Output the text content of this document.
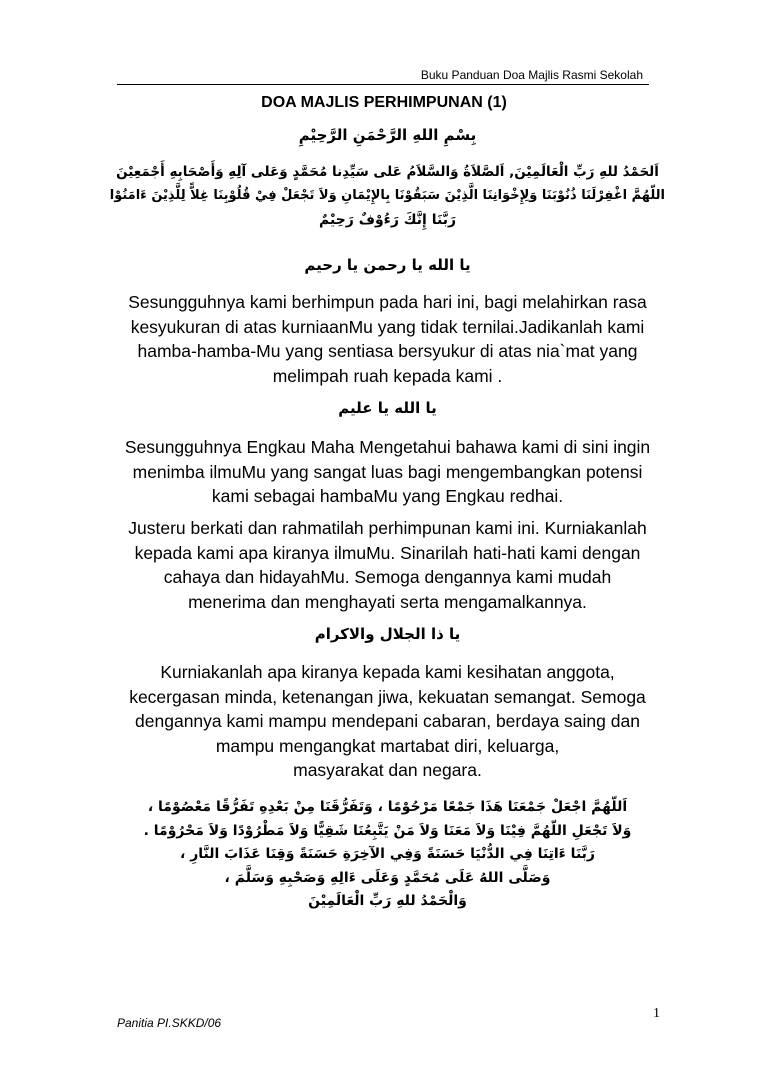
Buku Panduan Doa Majlis Rasmi Sekolah
DOA MAJLIS PERHIMPUNAN (1)
بِسْمِ اللهِ الرَّحْمَنِ الرَّحِيْمِ
اَلحَمْدُ للهِ رَبِّ الْعَالَمِيْنَ, اَلصَّلاَةُ وَالسَّلاَمُ عَلى سَيِّدِنا مُحَمَّدٍ وَعَلى آلِهِ وَأَصْحَابِهِ أَجْمَعِيْنَ
اللّهُمَّ اغْفِرْلَنَا ذُنُوْبَنَا وَلِإِخْوَانِنَا الَّذِيْنَ سَبَقُوْنَا بِالإِيْمَانِ وَلاَ تَجْعَلْ فِيْ قُلُوْبِنَا غِلاًّ لِلَّذِيْنَ ءَامَنُوْا
رَبَّنَا إِنَّكَ رَءُوْفٌ رَحِيْمٌ
يا الله يا رحمن يا رحيم
Sesungguhnya kami berhimpun pada hari ini, bagi melahirkan rasa
kesyukuran di atas kurniaanMu yang tidak ternilai.Jadikanlah kami
hamba-hamba-Mu yang sentiasa bersyukur di atas nia`mat yang
melimpah ruah kepada kami .
يا الله يا عليم
Sesungguhnya Engkau Maha Mengetahui bahawa kami di sini ingin
menimba ilmuMu yang sangat luas bagi mengembangkan potensi
kami sebagai hambaMu yang Engkau redhai.
Justeru berkati dan rahmatilah perhimpunan kami ini. Kurniakanlah
kepada kami apa kiranya ilmuMu. Sinarilah hati-hati kami dengan
cahaya dan hidayahMu. Semoga dengannya kami mudah
menerima dan menghayati serta mengamalkannya.
يا ذا الجلال والاكرام
Kurniakanlah apa kiranya kepada kami kesihatan anggota,
kecergasan minda, ketenangan jiwa, kekuatan semangat. Semoga
dengannya kami mampu mendepani cabaran, berdaya saing dan
mampu mengangkat martabat diri, keluarga,
masyarakat dan negara.
اَللّهُمَّ اجْعَلْ جَمْعَنَا هَذَا جَمْعًا مَرْحُوْمًا ، وَتَفَرُّقَنَا مِنْ بَعْدِهِ تَفَرُّقًا مَعْصُوْمًا ،
وَلاَ تَجْعَلِ اللّهُمَّ فِيْنَا وَلاَ مَعَنَا وَلاَ مَنْ يَتَّبِعُنَا شَقِيًّا وَلاَ مَطْرُوْدًا وَلاَ مَحْرُوْمًا .
رَبَّنَا ءَاتِنَا فِي الدُّنْيَا حَسَنَةً وَفِي الآخِرَةِ حَسَنَةً وَقِنَا عَذَابَ النَّارِ ،
وَصَلَّى اللهُ عَلَى مُحَمَّدٍ وَعَلَى ءَالِهِ وَصَحْبِهِ وَسَلَّمَ ،
وَالْحَمْدُ للهِ رَبِّ الْعَالَمِيْنَ
Panitia PI.SKKD/06
1
